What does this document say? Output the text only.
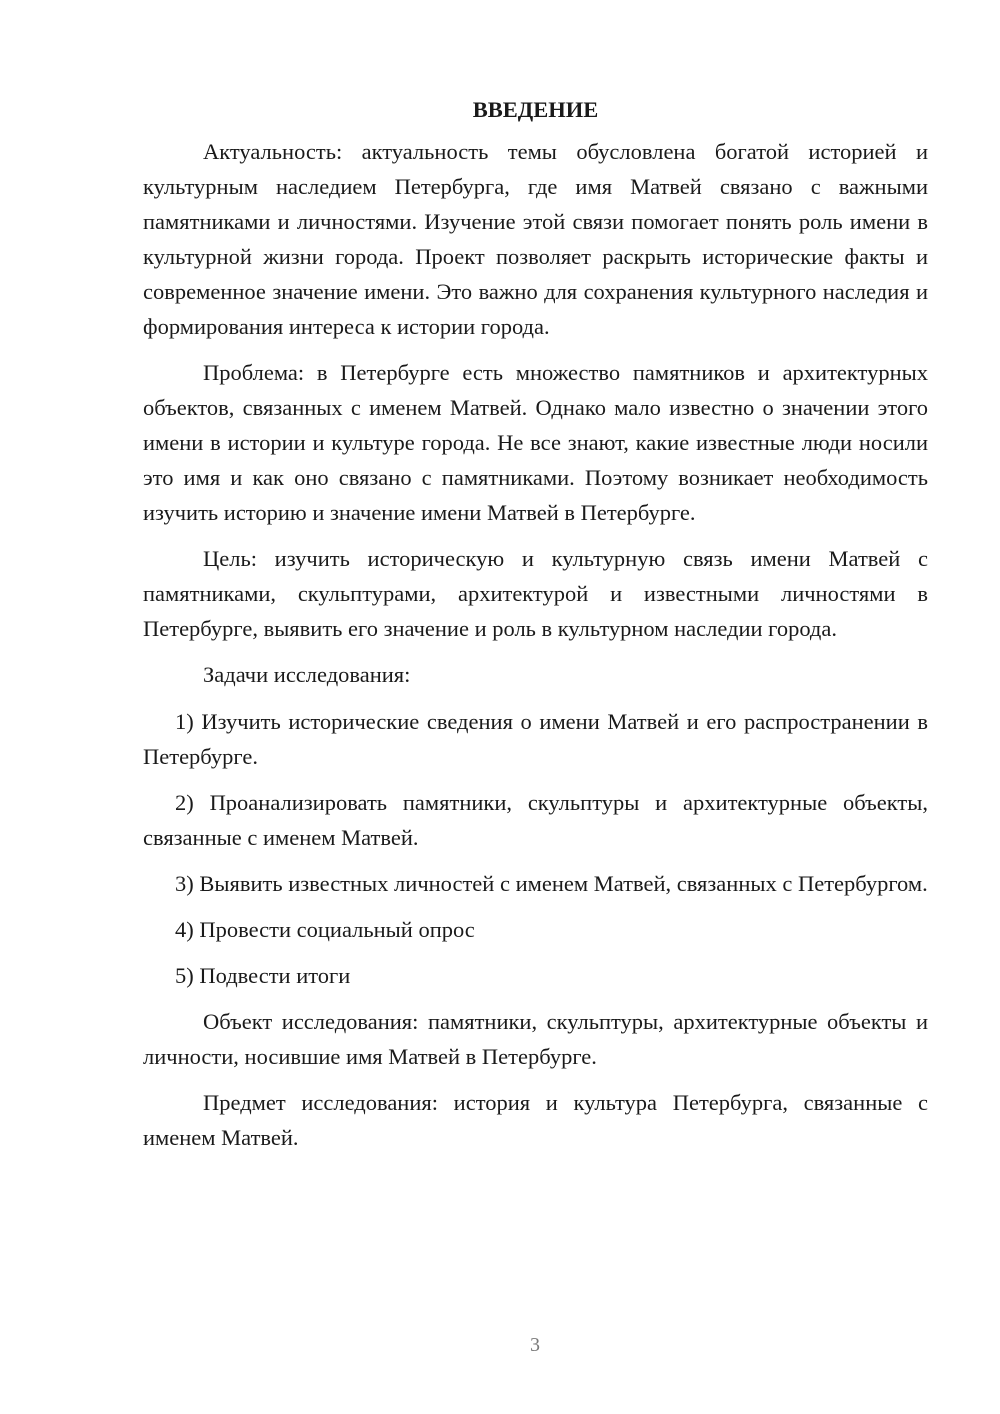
ВВЕДЕНИЕ

Актуальность: актуальность темы обусловлена богатой историей и культурным наследием Петербурга, где имя Матвей связано с важными памятниками и личностями. Изучение этой связи помогает понять роль имени в культурной жизни города. Проект позволяет раскрыть исторические факты и современное значение имени. Это важно для сохранения культурного наследия и формирования интереса к истории города.

Проблема: в Петербурге есть множество памятников и архитектурных объектов, связанных с именем Матвей. Однако мало известно о значении этого имени в истории и культуре города. Не все знают, какие известные люди носили это имя и как оно связано с памятниками. Поэтому возникает необходимость изучить историю и значение имени Матвей в Петербурге.

Цель: изучить историческую и культурную связь имени Матвей с памятниками, скульптурами, архитектурой и известными личностями в Петербурге, выявить его значение и роль в культурном наследии города.

Задачи исследования:

1) Изучить исторические сведения о имени Матвей и его распространении в Петербурге.

2) Проанализировать памятники, скульптуры и архитектурные объекты, связанные с именем Матвей.

3) Выявить известных личностей с именем Матвей, связанных с Петербургом.

4) Провести социальный опрос

5) Подвести итоги

Объект исследования: памятники, скульптуры, архитектурные объекты и личности, носившие имя Матвей в Петербурге.

Предмет исследования: история и культура Петербурга, связанные с именем Матвей.

3
